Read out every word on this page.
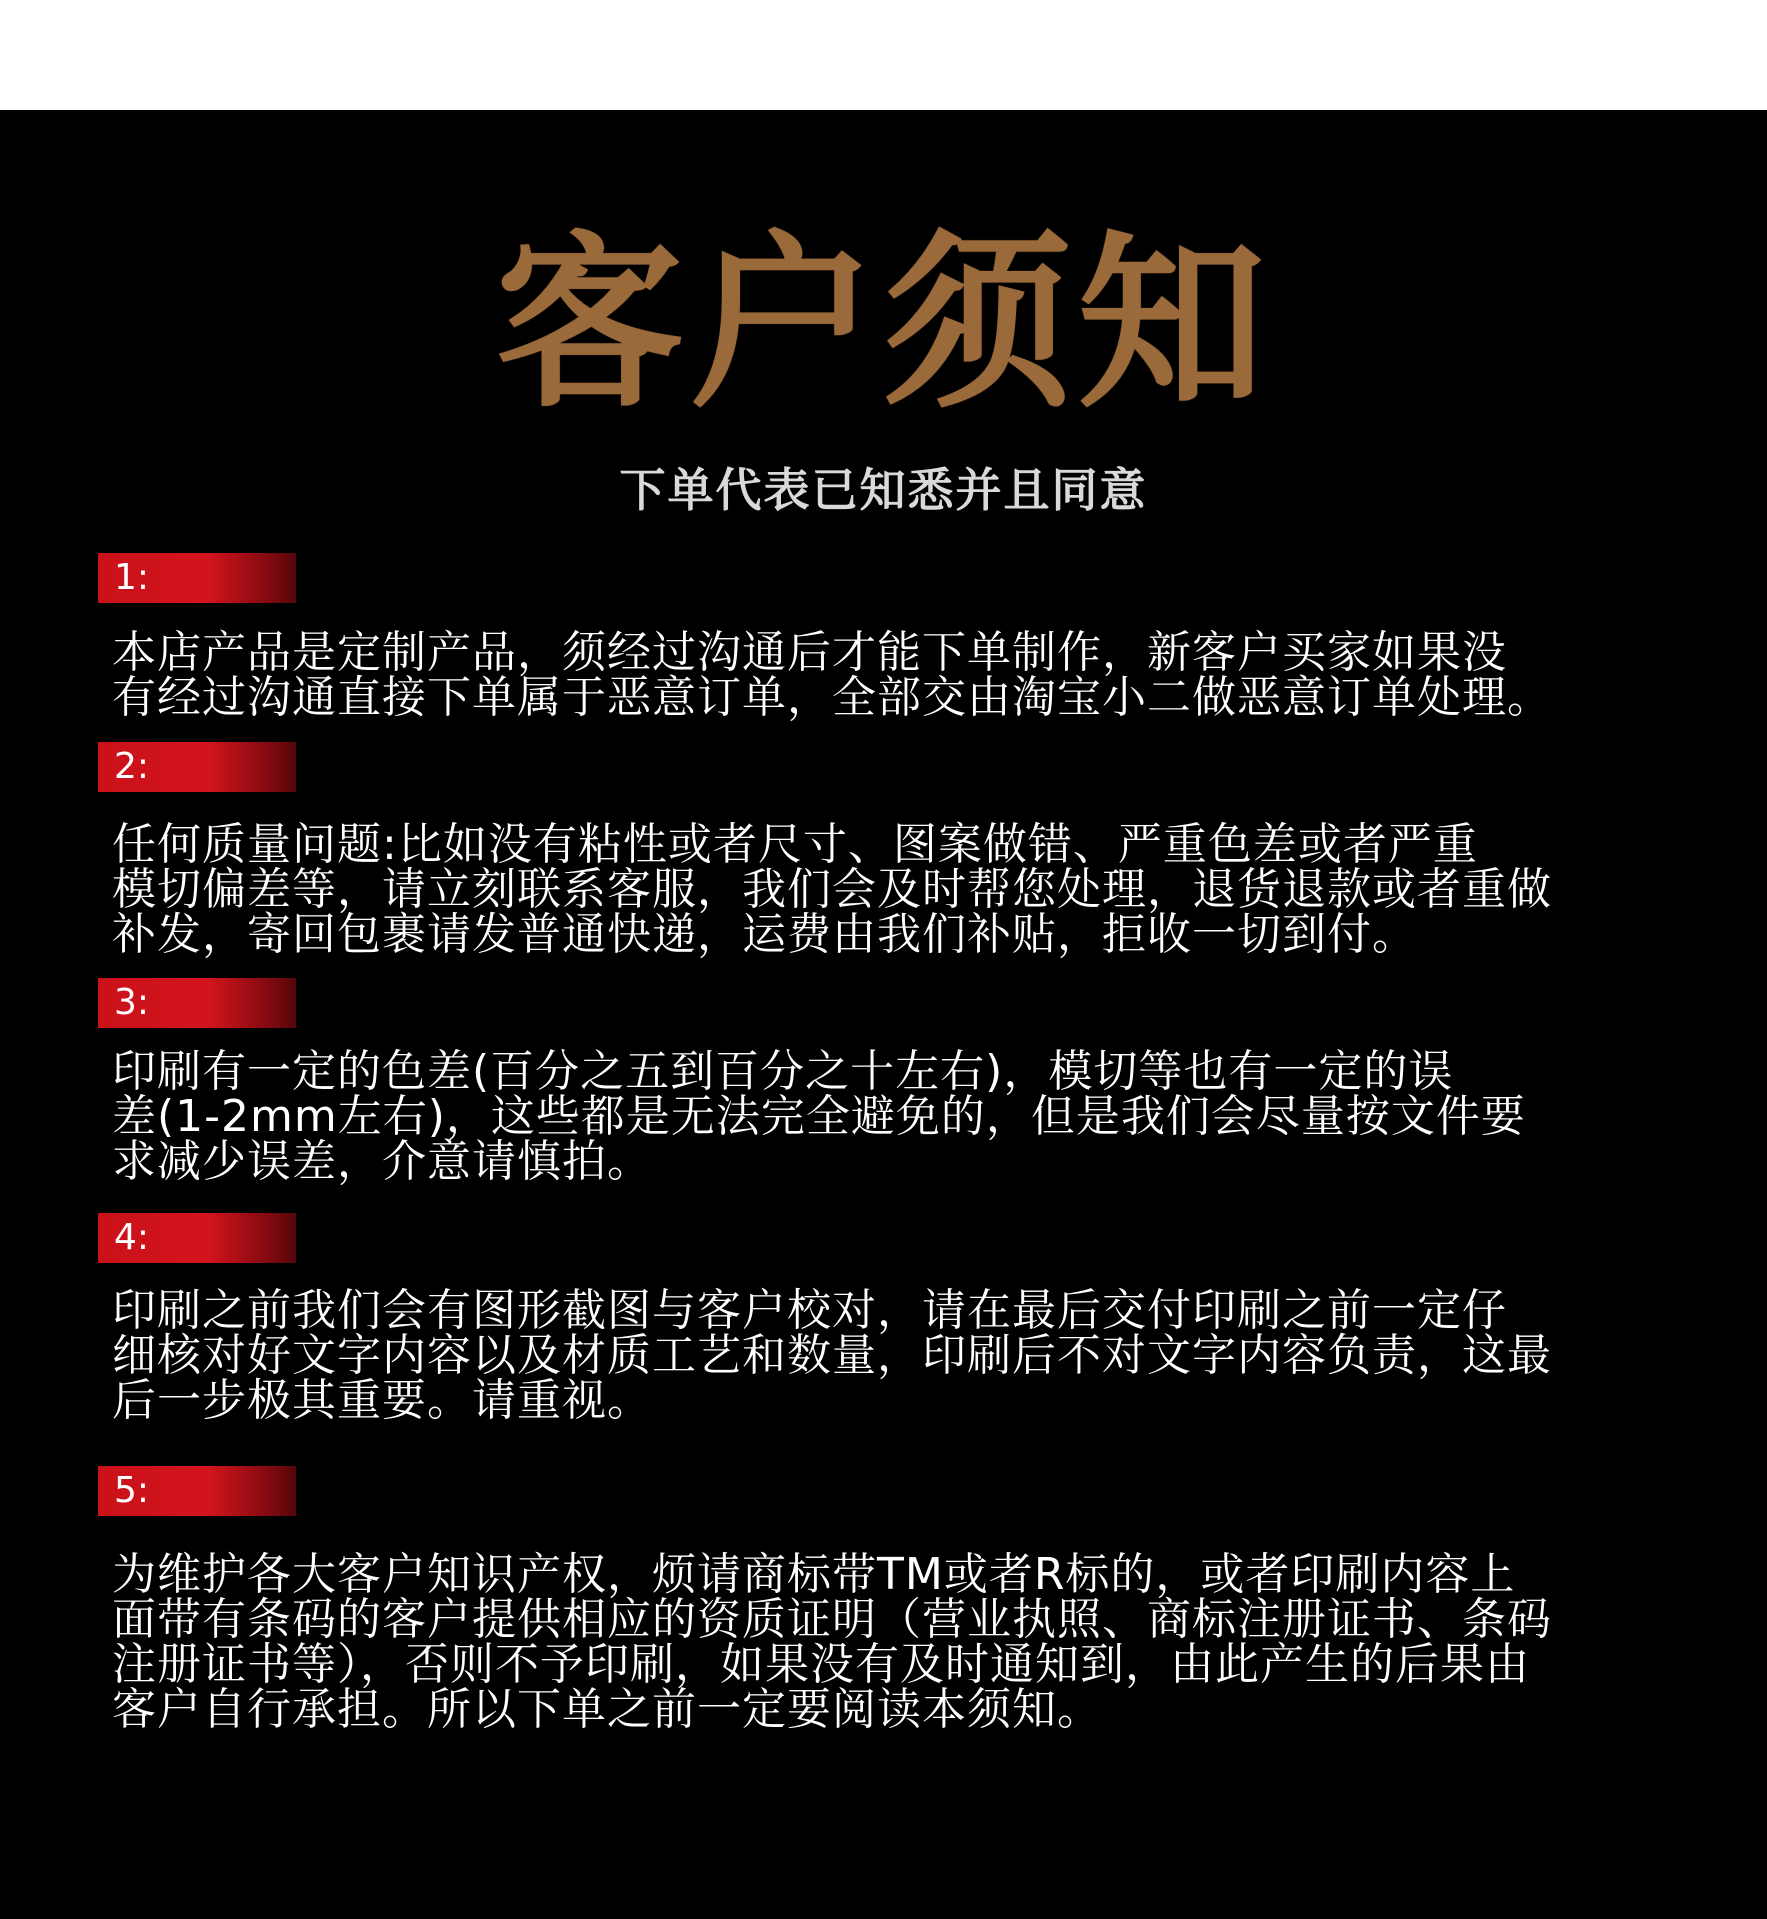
客户须知
下单代表已知悉并且同意
1:
本店产品是定制产品，须经过沟通后才能下单制作，新客户买家如果没
有经过沟通直接下单属于恶意订单，全部交由淘宝小二做恶意订单处理。
2:
任何质量问题:比如没有粘性或者尺寸、图案做错、严重色差或者严重
模切偏差等，请立刻联系客服，我们会及时帮您处理，退货退款或者重做
补发，寄回包裹请发普通快递，运费由我们补贴，拒收一切到付。
3:
印刷有一定的色差(百分之五到百分之十左右)，模切等也有一定的误
差(1-2mm左右)，这些都是无法完全避免的，但是我们会尽量按文件要
求减少误差，介意请慎拍。
4:
印刷之前我们会有图形截图与客户校对，请在最后交付印刷之前一定仔
细核对好文字内容以及材质工艺和数量，印刷后不对文字内容负责，这最
后一步极其重要。请重视。
5:
为维护各大客户知识产权，烦请商标带TM或者R标的，或者印刷内容上
面带有条码的客户提供相应的资质证明（营业执照、商标注册证书、条码
注册证书等），否则不予印刷，如果没有及时通知到，由此产生的后果由
客户自行承担。所以下单之前一定要阅读本须知。
